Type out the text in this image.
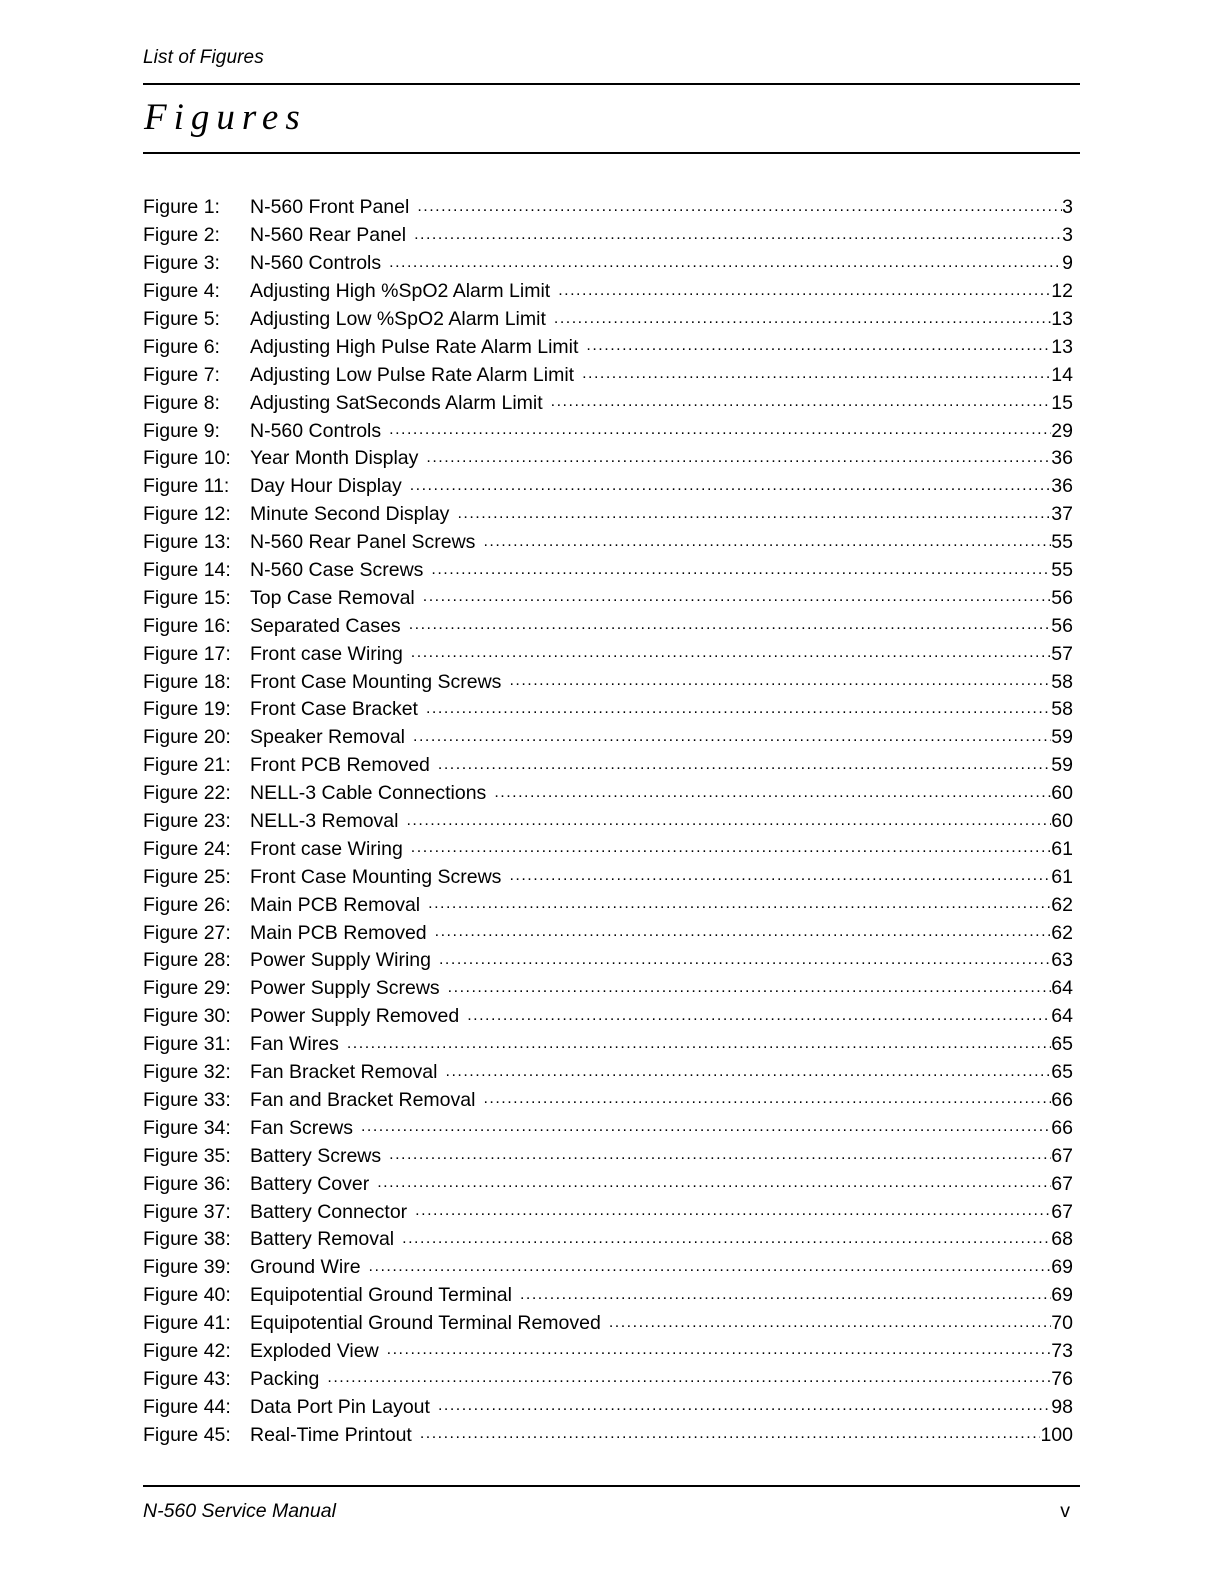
List of Figures
Figures
Figure 1:	N-560 Front Panel .....	3
Figure 2:	N-560 Rear Panel .....	3
Figure 3:	N-560 Controls .....	9
Figure 4:	Adjusting High %SpO2 Alarm Limit .....	12
Figure 5:	Adjusting Low %SpO2 Alarm Limit .....	13
Figure 6:	Adjusting High Pulse Rate Alarm Limit .....	13
Figure 7:	Adjusting Low Pulse Rate Alarm Limit .....	14
Figure 8:	Adjusting SatSeconds Alarm Limit .....	15
Figure 9:	N-560 Controls .....	29
Figure 10: Year Month Display .....	36
Figure 11:	Day Hour Display .....	36
Figure 12: Minute Second Display .....	37
Figure 13: N-560 Rear Panel Screws .....	55
Figure 14: N-560 Case Screws .....	55
Figure 15: Top Case Removal .....	56
Figure 16: Separated Cases .....	56
Figure 17: Front case Wiring .....	57
Figure 18: Front Case Mounting Screws .....	58
Figure 19: Front Case Bracket .....	58
Figure 20: Speaker Removal .....	59
Figure 21: Front PCB Removed .....	59
Figure 22: NELL-3 Cable Connections .....	60
Figure 23: NELL-3 Removal .....	60
Figure 24: Front case Wiring .....	61
Figure 25: Front Case Mounting Screws .....	61
Figure 26: Main PCB Removal .....	62
Figure 27: Main PCB Removed .....	62
Figure 28: Power Supply Wiring .....	63
Figure 29: Power Supply Screws .....	64
Figure 30: Power Supply Removed .....	64
Figure 31: Fan Wires .....	65
Figure 32: Fan Bracket Removal .....	65
Figure 33: Fan and Bracket Removal .....	66
Figure 34: Fan Screws .....	66
Figure 35: Battery Screws .....	67
Figure 36: Battery Cover .....	67
Figure 37: Battery Connector .....	67
Figure 38: Battery Removal .....	68
Figure 39: Ground Wire .....	69
Figure 40: Equipotential Ground Terminal .....	69
Figure 41: Equipotential Ground Terminal Removed .....	70
Figure 42: Exploded View .....	73
Figure 43: Packing .....	76
Figure 44: Data Port Pin Layout .....	98
Figure 45: Real-Time Printout .....	100
N-560 Service Manual	v
